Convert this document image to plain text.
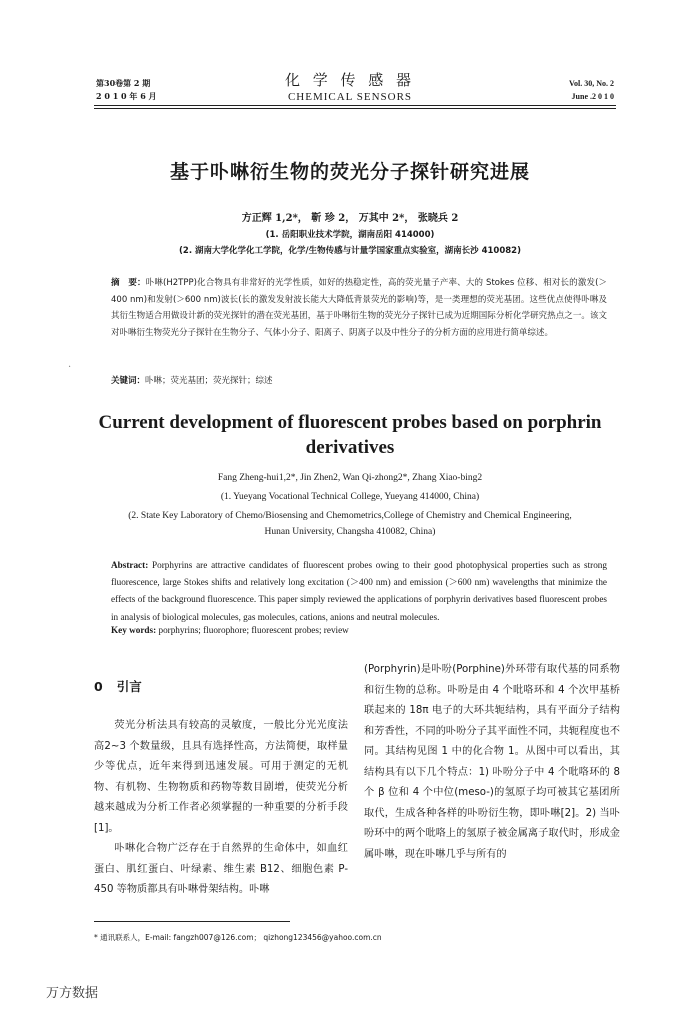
第30卷第 2 期
2 0 1 0 年 6 月
化 学 传 感 器
CHEMICAL SENSORS
Vol. 30, No. 2
June .2 0 1 0
基于卟啉衍生物的荧光分子探针研究进展
方正辉 1,2*， 靳 珍 2， 万其中 2*， 张晓兵 2
(1. 岳阳职业技术学院，湖南岳阳 414000)
(2. 湖南大学化学化工学院，化学/生物传感与计量学国家重点实验室，湖南长沙 410082)
摘　要：卟啉(H2TPP)化合物具有非常好的光学性质，如好的热稳定性，高的荧光量子产率、大的 Stokes 位移、相对长的激发(＞400 nm)和发射(＞600 nm)波长(长的激发发射波长能大大降低背景荧光的影响)等，是一类理想的荧光基团。这些优点使得卟啉及其衍生物适合用做设计新的荧光探针的潜在荧光基团，基于卟啉衍生物的荧光分子探针已成为近期国际分析化学研究热点之一。该文对卟啉衍生物荧光分子探针在生物分子、气体小分子、阳离子、阴离子以及中性分子的分析方面的应用进行简单综述。
关键词：卟啉；荧光基团；荧光探针；综述
·
Current development of fluorescent probes based on porphrin
derivatives
Fang Zheng-hui1,2*, Jin Zhen2, Wan Qi-zhong2*, Zhang Xiao-bing2
(1. Yueyang Vocational Technical College, Yueyang 414000, China)
(2. State Key Laboratory of Chemo/Biosensing and Chemometrics,College of Chemistry and Chemical Engineering,
Hunan University, Changsha 410082, China)
Abstract: Porphyrins are attractive candidates of fluorescent probes owing to their good photophysical properties such as strong fluorescence, large Stokes shifts and relatively long excitation (＞400 nm) and emission (＞600 nm) wavelengths that minimize the effects of the background fluorescence. This paper simply reviewed the applications of porphyrin derivatives based fluorescent probes in analysis of biological molecules, gas molecules, cations, anions and neutral molecules.
Key words: porphyrins; fluorophore; fluorescent probes; review
0 引言

荧光分析法具有较高的灵敏度，一般比分光光度法高2~3 个数量级，且具有选择性高，方法简便，取样量少等优点，近年来得到迅速发展。可用于测定的无机物、有机物、生物物质和药物等数目剧增，使荧光分析越来越成为分析工作者必须掌握的一种重要的分析手段[1]。

卟啉化合物广泛存在于自然界的生命体中，如血红蛋白、肌红蛋白、叶绿素、维生素 B12、细胞色素 P-450 等物质都具有卟啉骨架结构。卟啉

(Porphyrin)是卟吩(Porphine)外环带有取代基的同系物和衍生物的总称。卟吩是由 4 个吡咯环和 4 个次甲基桥联起来的 18π 电子的大环共轭结构，具有平面分子结构和芳香性，不同的卟吩分子其平面性不同，共轭程度也不同。其结构见图 1 中的化合物 1。从图中可以看出，其结构具有以下几个特点：1) 卟吩分子中 4 个吡咯环的 8 个 β 位和 4 个中位(meso-)的氢原子均可被其它基团所取代，生成各种各样的卟吩衍生物，即卟啉[2]。2) 当卟吩环中的两个吡咯上的氢原子被金属离子取代时，形成金属卟啉，现在卟啉几乎与所有的

* 通讯联系人，E-mail: fangzh007@126.com； qizhong123456@yahoo.com.cn
万方数据
